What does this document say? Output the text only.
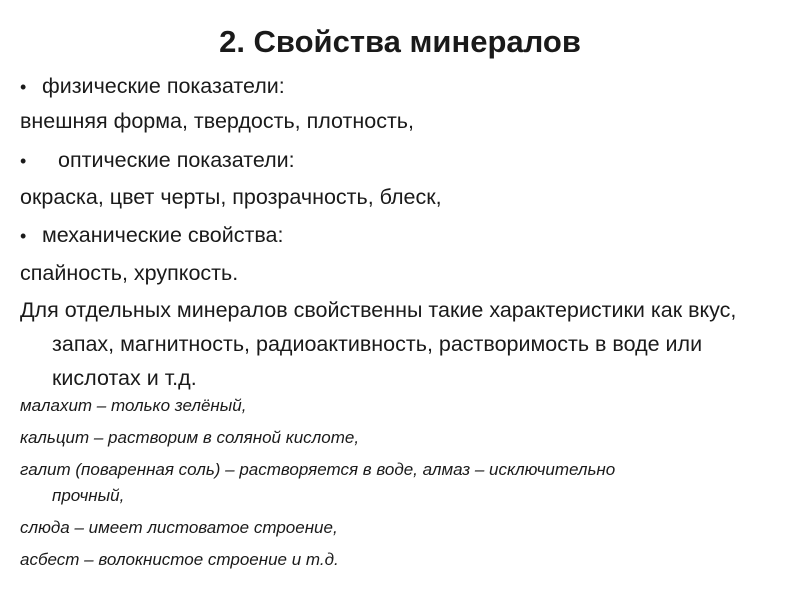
2. Свойства минералов
• физические показатели:
внешняя форма, твердость, плотность,
•	оптические показатели:
окраска, цвет черты, прозрачность, блеск,
• механические свойства:
спайность, хрупкость.
Для отдельных минералов свойственны такие характеристики как вкус, запах, магнитность, радиоактивность, растворимость в воде или кислотах и т.д.
малахит – только зелёный,
кальцит – растворим в соляной кислоте,
галит (поваренная соль) – растворяется в воде, алмаз – исключительно прочный,
слюда – имеет листоватое строение,
асбест – волокнистое строение и т.д.
